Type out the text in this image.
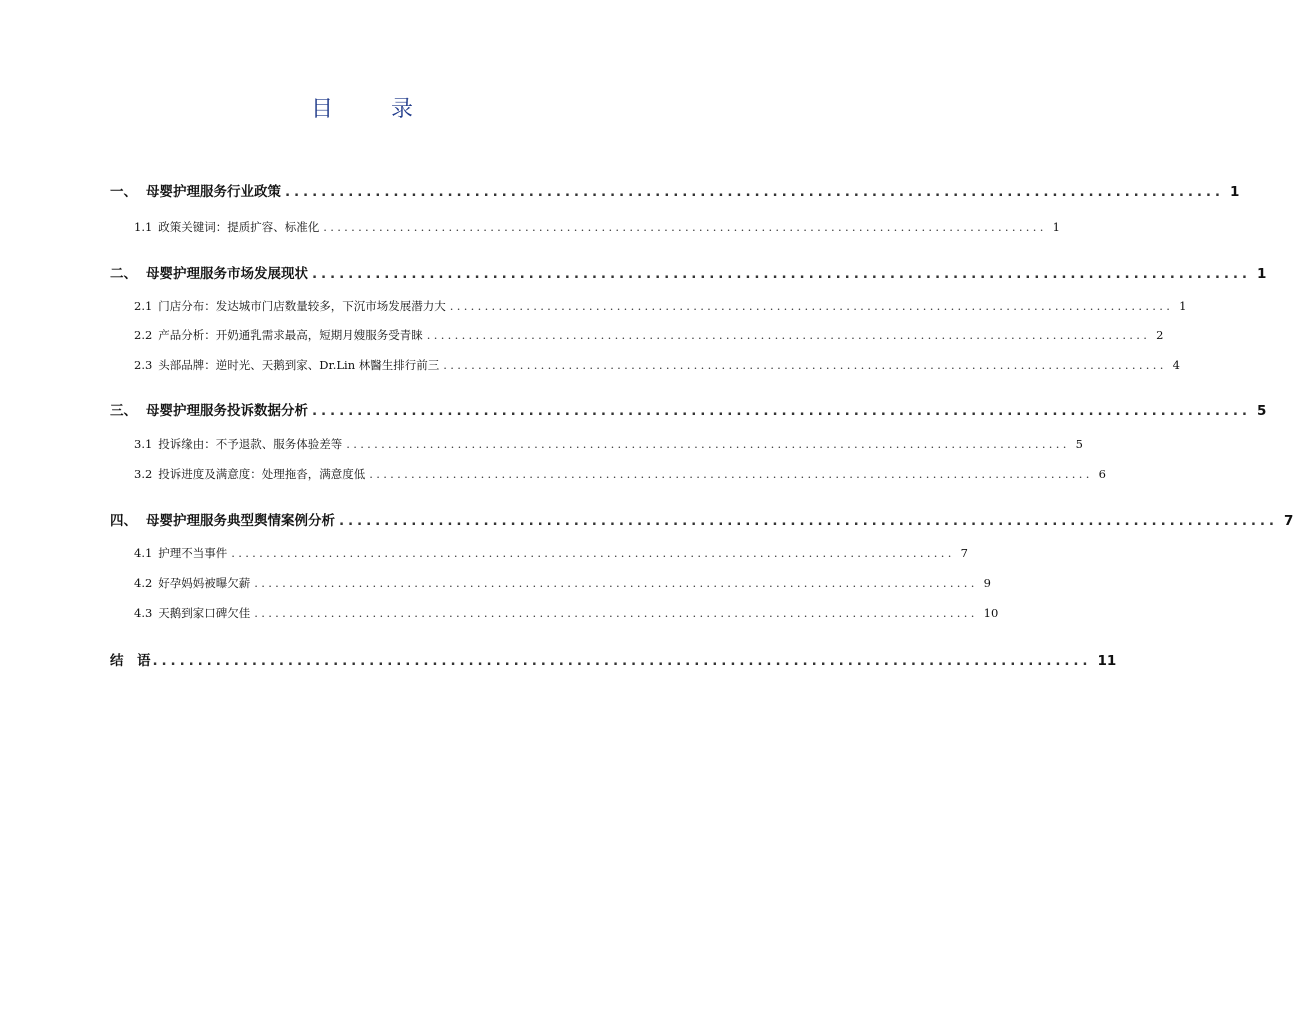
目　录
一、 母婴护理服务行业政策 ........................................................................................................ 1
1.1 政策关键词：提质扩容、标准化 ........................................................................................................ 1
二、 母婴护理服务市场发展现状 ........................................................................................................ 1
2.1 门店分布：发达城市门店数量较多，下沉市场发展潜力大 ........................................................................................................ 1
2.2 产品分析：开奶通乳需求最高，短期月嫂服务受青睐 ........................................................................................................ 2
2.3 头部品牌：逆时光、天鹅到家、Dr.Lin 林醫生排行前三 ........................................................................................................ 4
三、 母婴护理服务投诉数据分析 ........................................................................................................ 5
3.1 投诉缘由：不予退款、服务体验差等 ........................................................................................................ 5
3.2 投诉进度及满意度：处理拖沓，满意度低 ........................................................................................................ 6
四、 母婴护理服务典型舆情案例分析 ........................................................................................................ 7
4.1 护理不当事件 ........................................................................................................ 7
4.2 好孕妈妈被曝欠薪 ........................................................................................................ 9
4.3 天鹅到家口碑欠佳 ........................................................................................................ 10
结　语 ........................................................................................................ 11
